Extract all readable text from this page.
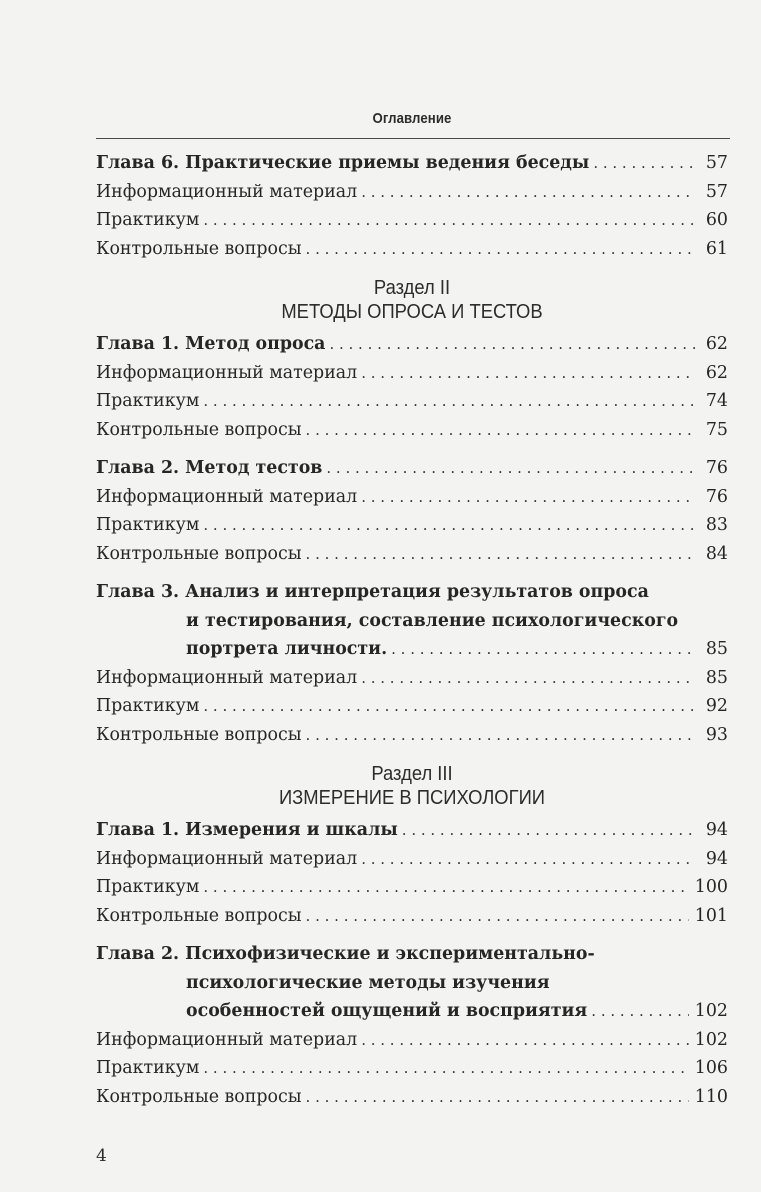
Оглавление
Глава 6. Практические приемы ведения беседы . . .	57
Информационный материал . . .	57
Практикум . . .	60
Контрольные вопросы . . .	61
Раздел II
МЕТОДЫ ОПРОСА И ТЕСТОВ
Глава 1. Метод опроса . . .	62
Информационный материал . . .	62
Практикум . . .	74
Контрольные вопросы . . .	75
Глава 2. Метод тестов . . .	76
Информационный материал . . .	76
Практикум . . .	83
Контрольные вопросы . . .	84
Глава 3. Анализ и интерпретация результатов опроса
и тестирования, составление психологического
портрета личности. . . .	85
Информационный материал . . .	85
Практикум . . .	92
Контрольные вопросы . . .	93
Раздел III
ИЗМЕРЕНИЕ В ПСИХОЛОГИИ
Глава 1. Измерения и шкалы . . .	94
Информационный материал . . .	94
Практикум . . .	100
Контрольные вопросы . . .	101
Глава 2. Психофизические и экспериментально-
психологические методы изучения
особенностей ощущений и восприятия . . .	102
Информационный материал . . .	102
Практикум . . .	106
Контрольные вопросы . . .	110
4
